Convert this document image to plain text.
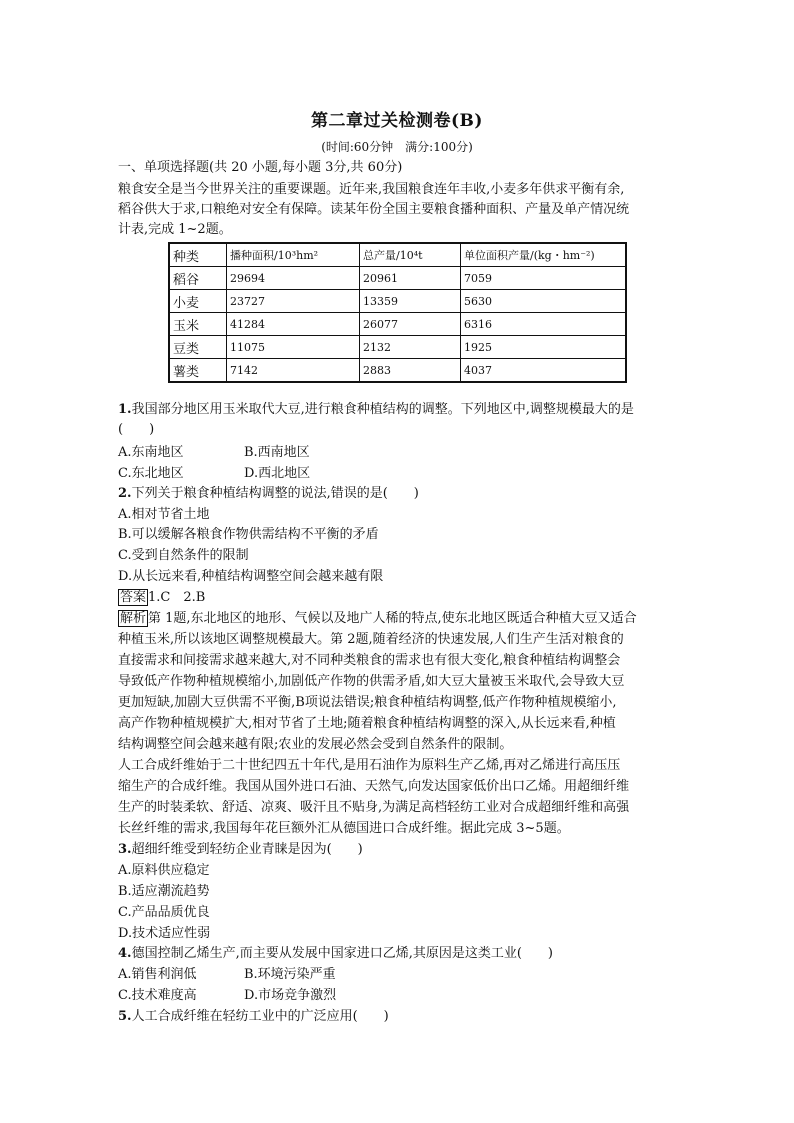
第二章过关检测卷(B)
(时间:60分钟　满分:100分)
一、单项选择题(共 20 小题,每小题 3分,共 60分)
粮食安全是当今世界关注的重要课题。近年来,我国粮食连年丰收,小麦多年供求平衡有余,
稻谷供大于求,口粮绝对安全有保障。读某年份全国主要粮食播种面积、产量及单产情况统
计表,完成 1~2题。
种类	播种面积/10³hm²	总产量/10⁴t	单位面积产量/(kg・hm⁻²)
稻谷	29694	20961	7059
小麦	23727	13359	5630
玉米	41284	26077	6316
豆类	11075	2132	1925
薯类	7142	2883	4037
1.我国部分地区用玉米取代大豆,进行粮食种植结构的调整。下列地区中,调整规模最大的是
(　　)
A.东南地区	B.西南地区
C.东北地区	D.西北地区
2.下列关于粮食种植结构调整的说法,错误的是(　　)
A.相对节省土地
B.可以缓解各粮食作物供需结构不平衡的矛盾
C.受到自然条件的限制
D.从长远来看,种植结构调整空间会越来越有限
答案 1.C　2.B
解析 第 1题,东北地区的地形、气候以及地广人稀的特点,使东北地区既适合种植大豆又适合
种植玉米,所以该地区调整规模最大。第 2题,随着经济的快速发展,人们生产生活对粮食的
直接需求和间接需求越来越大,对不同种类粮食的需求也有很大变化,粮食种植结构调整会
导致低产作物种植规模缩小,加剧低产作物的供需矛盾,如大豆大量被玉米取代,会导致大豆
更加短缺,加剧大豆供需不平衡,B项说法错误;粮食种植结构调整,低产作物种植规模缩小,
高产作物种植规模扩大,相对节省了土地;随着粮食种植结构调整的深入,从长远来看,种植
结构调整空间会越来越有限;农业的发展必然会受到自然条件的限制。
人工合成纤维始于二十世纪四五十年代,是用石油作为原料生产乙烯,再对乙烯进行高压压
缩生产的合成纤维。我国从国外进口石油、天然气,向发达国家低价出口乙烯。用超细纤维
生产的时装柔软、舒适、凉爽、吸汗且不贴身,为满足高档轻纺工业对合成超细纤维和高强
长丝纤维的需求,我国每年花巨额外汇从德国进口合成纤维。据此完成 3~5题。
3.超细纤维受到轻纺企业青睐是因为(　　)
A.原料供应稳定
B.适应潮流趋势
C.产品品质优良
D.技术适应性弱
4.德国控制乙烯生产,而主要从发展中国家进口乙烯,其原因是这类工业(　　)
A.销售利润低	B.环境污染严重
C.技术难度高	D.市场竞争激烈
5.人工合成纤维在轻纺工业中的广泛应用(　　)
